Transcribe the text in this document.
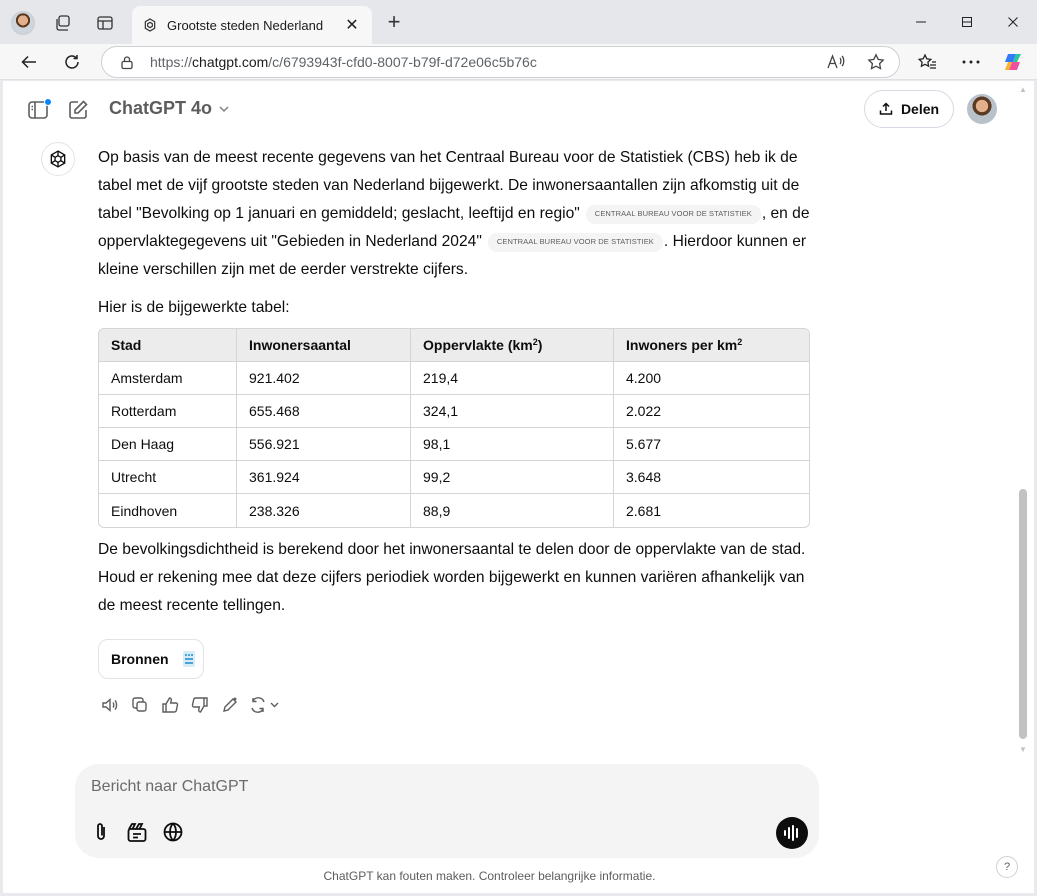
Grootste steden Nederland	✕	+
https://chatgpt.com/c/6793943f-cfd0-8007-b79f-d72e06c5b76c
ChatGPT 4o	Delen

Op basis van de meest recente gegevens van het Centraal Bureau voor de Statistiek (CBS) heb ik de tabel met de vijf grootste steden van Nederland bijgewerkt. De inwonersaantallen zijn afkomstig uit de tabel "Bevolking op 1 januari en gemiddeld; geslacht, leeftijd en regio" CENTRAAL BUREAU VOOR DE STATISTIEK , en de oppervlaktegegevens uit "Gebieden in Nederland 2024" CENTRAAL BUREAU VOOR DE STATISTIEK . Hierdoor kunnen er kleine verschillen zijn met de eerder verstrekte cijfers.

Hier is de bijgewerkte tabel:

Stad	Inwonersaantal	Oppervlakte $(km^2)$	Inwoners per $km^2$
Amsterdam	921.402	219,4	4.200
Rotterdam	655.468	324,1	2.022
Den Haag	556.921	98,1	5.677
Utrecht	361.924	99,2	3.648
Eindhoven	238.326	88,9	2.681
De bevolkingsdichtheid is berekend door het inwonersaantal te delen door de oppervlakte van de stad. Houd er rekening mee dat deze cijfers periodiek worden bijgewerkt en kunnen variëren afhankelijk van de meest recente tellingen.
Bronnen
▲
▼
Bericht naar ChatGPT
ChatGPT kan fouten maken. Controleer belangrijke informatie.
?
